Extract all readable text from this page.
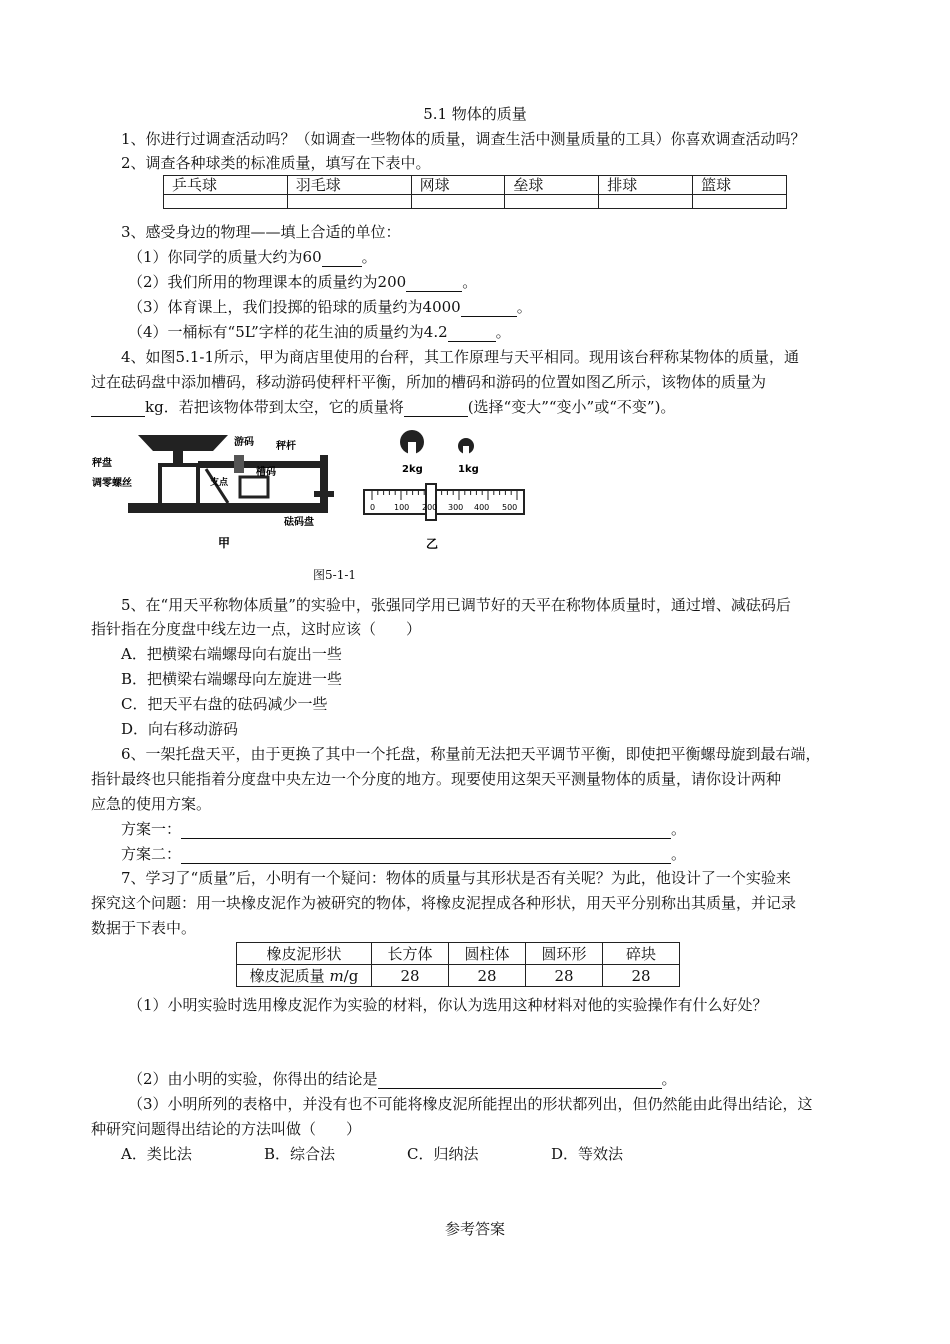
5.1 物体的质量
1、你进行过调查活动吗？（如调查一些物体的质量，调查生活中测量质量的工具）你喜欢调查活动吗？
2、调查各种球类的标准质量，填写在下表中。
乒乓球	羽毛球	网球	垒球	排球	篮球

3、感受身边的物理——填上合适的单位：
（1）你同学的质量大约为60	。
（2）我们所用的物理课本的质量约为200	。
（3）体育课上，我们投掷的铅球的质量约为4000	。
（4）一桶标有“5L”字样的花生油的质量约为4.2	。
4、如图5.1-1所示，甲为商店里使用的台秤，其工作原理与天平相同。现用该台秤称某物体的质量，通
过在砝码盘中添加槽码，移动游码使秤杆平衡，所加的槽码和游码的位置如图乙所示，该物体的质量为
kg．若把该物体带到太空，它的质量将	(选择“变大”“变小”或“不变”)。
秤盘
调零螺丝
游码 秤杆
槽码
支点
砝码盘
甲
2kg	1kg
0 100 200 300 400 500
乙
图5-1-1
5、在“用天平称物体质量”的实验中，张强同学用已调节好的天平在称物体质量时，通过增、减砝码后
指针指在分度盘中线左边一点，这时应该（　　）
A．把横梁右端螺母向右旋出一些
B．把横梁右端螺母向左旋进一些
C．把天平右盘的砝码减少一些
D．向右移动游码
6、一架托盘天平，由于更换了其中一个托盘，称量前无法把天平调节平衡，即使把平衡螺母旋到最右端，
指针最终也只能指着分度盘中央左边一个分度的地方。现要使用这架天平测量物体的质量，请你设计两种
应急的使用方案。
方案一：	。
方案二：	。
7、学习了“质量”后，小明有一个疑问：物体的质量与其形状是否有关呢？为此，他设计了一个实验来
探究这个问题：用一块橡皮泥作为被研究的物体，将橡皮泥捏成各种形状，用天平分别称出其质量，并记录
数据于下表中。
橡皮泥形状	长方体	圆柱体	圆环形	碎块
橡皮泥质量 m/g	28	28	28	28
（1）小明实验时选用橡皮泥作为实验的材料，你认为选用这种材料对他的实验操作有什么好处？
（2）由小明的实验，你得出的结论是	。
（3）小明所列的表格中，并没有也不可能将橡皮泥所能捏出的形状都列出，但仍然能由此得出结论，这
种研究问题得出结论的方法叫做（　　）
A．类比法	B．综合法	C．归纳法	D．等效法
参考答案
